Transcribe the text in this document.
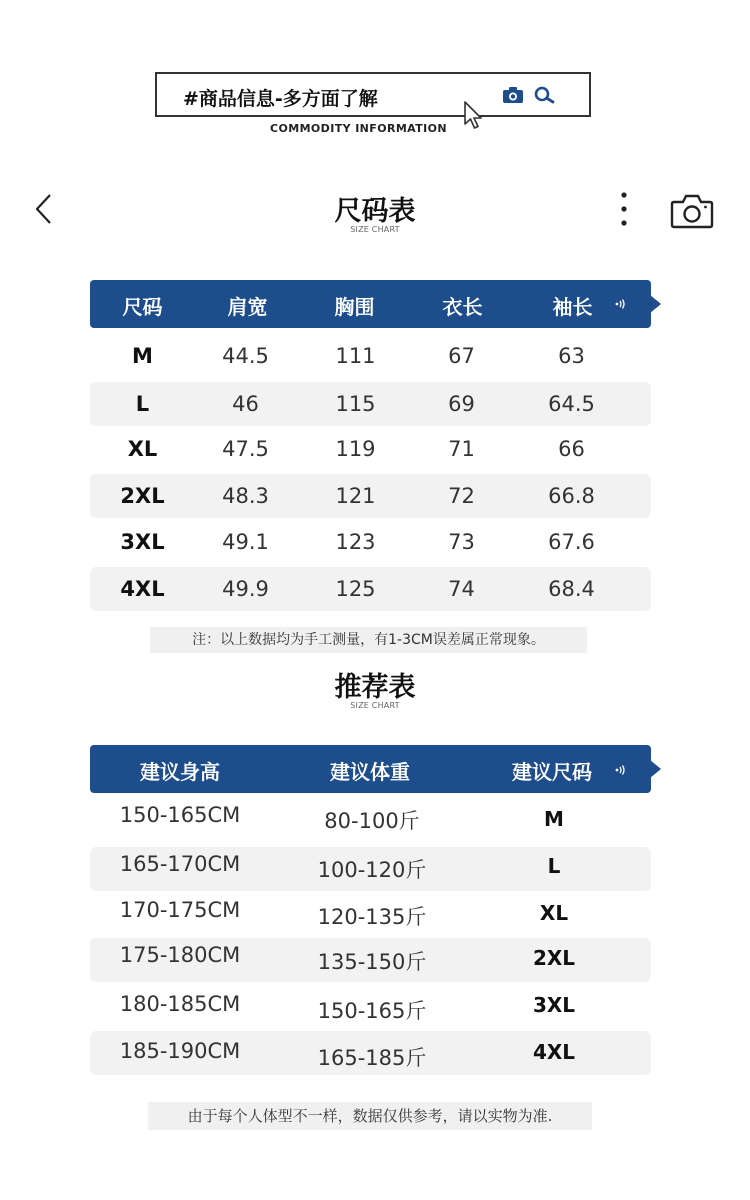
#商品信息-多方面了解
COMMODITY INFORMATION
尺码表
SIZE CHART
尺码	肩宽	胸围	衣长	袖长
M	44.5	111	67	63
L	46	115	69	64.5
XL	47.5	119	71	66
2XL	48.3	121	72	66.8
3XL	49.1	123	73	67.6
4XL	49.9	125	74	68.4
注：以上数据均为手工测量，有1-3CM误差属正常现象。
推荐表
SIZE CHART
建议身高	建议体重	建议尺码
150-165CM	80-100斤	M
165-170CM	100-120斤	L
170-175CM	120-135斤	XL
175-180CM	135-150斤	2XL
180-185CM	150-165斤	3XL
185-190CM	165-185斤	4XL
由于每个人体型不一样，数据仅供参考，请以实物为准.
